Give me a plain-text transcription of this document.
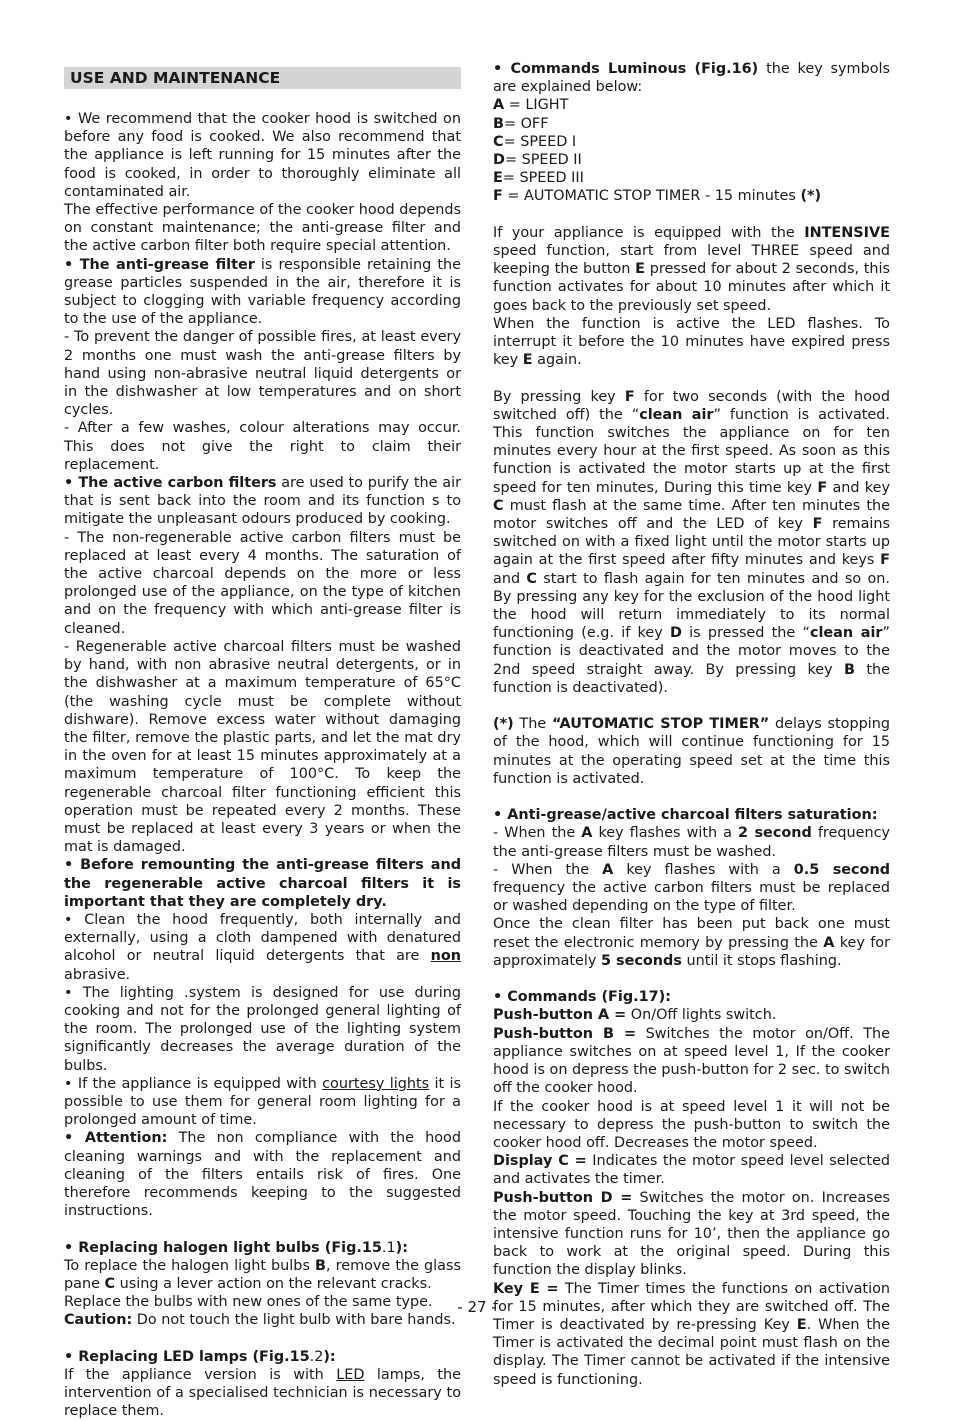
USE AND MAINTENANCE

• We recommend that the cooker hood is switched on before any food is cooked. We also recommend that the appliance is left running for 15 minutes after the food is cooked, in order to thoroughly eliminate all contaminated air.

The effective performance of the cooker hood depends on constant maintenance; the anti-grease filter and the active carbon filter both require special attention.

• The anti-grease filter is responsible retaining the grease particles suspended in the air, therefore it is subject to clogging with variable frequency according to the use of the appliance.

- To prevent the danger of possible fires, at least every 2 months one must wash the anti-grease filters by hand using non-abrasive neutral liquid detergents or in the dishwasher at low temperatures and on short cycles.

- After a few washes, colour alterations may occur. This does not give the right to claim their replacement.

• The active carbon filters are used to purify the air that is sent back into the room and its function s to mitigate the unpleasant odours produced by cooking.

- The non-regenerable active carbon filters must be replaced at least every 4 months. The saturation of the active charcoal depends on the more or less prolonged use of the appliance, on the type of kitchen and on the frequency with which anti-grease filter is cleaned.

- Regenerable active charcoal filters must be washed by hand, with non abrasive neutral detergents, or in the dishwasher at a maximum temperature of 65°C (the washing cycle must be complete without dishware). Remove excess water without damaging the filter, remove the plastic parts, and let the mat dry in the oven for at least 15 minutes approximately at a maximum temperature of 100°C. To keep the regenerable charcoal filter functioning efficient this operation must be repeated every 2 months. These must be replaced at least every 3 years or when the mat is damaged.

• Before remounting the anti-grease filters and the regenerable active charcoal filters it is important that they are completely dry.

• Clean the hood frequently, both internally and externally, using a cloth dampened with denatured alcohol or neutral liquid detergents that are non abrasive.

• The lighting .system is designed for use during cooking and not for the prolonged general lighting of the room. The prolonged use of the lighting system significantly decreases the average duration of the bulbs.

• If the appliance is equipped with courtesy lights it is possible to use them for general room lighting for a prolonged amount of time.

• Attention: The non compliance with the hood cleaning warnings and with the replacement and cleaning of the filters entails risk of fires. One therefore recommends keeping to the suggested instructions.

• Replacing halogen light bulbs (Fig.15.1):

To replace the halogen light bulbs B, remove the glass pane C using a lever action on the relevant cracks.

Replace the bulbs with new ones of the same type.

Caution: Do not touch the light bulb with bare hands.

• Replacing LED lamps (Fig.15.2):

If the appliance version is with LED lamps, the intervention of a specialised technician is necessary to replace them.

• Commands Luminous (Fig.16) the key symbols are explained below:

A = LIGHT

B= OFF

C= SPEED I

D= SPEED II

E= SPEED III

F = AUTOMATIC STOP TIMER - 15 minutes (*)

If your appliance is equipped with the INTENSIVE speed function, start from level THREE speed and keeping the button E pressed for about 2 seconds, this function activates for about 10 minutes after which it goes back to the previously set speed.

When the function is active the LED flashes. To interrupt it before the 10 minutes have expired press key E again.

By pressing key F for two seconds (with the hood switched off) the “clean air” function is activated. This function switches the appliance on for ten minutes every hour at the first speed. As soon as this function is activated the motor starts up at the first speed for ten minutes, During this time key F and key C must flash at the same time. After ten minutes the motor switches off and the LED of key F remains switched on with a fixed light until the motor starts up again at the first speed after fifty minutes and keys F and C start to flash again for ten minutes and so on. By pressing any key for the exclusion of the hood light the hood will return immediately to its normal functioning (e.g. if key D is pressed the “clean air” function is deactivated and the motor moves to the 2nd speed straight away. By pressing key B the function is deactivated).

(*) The “AUTOMATIC STOP TIMER” delays stopping of the hood, which will continue functioning for 15 minutes at the operating speed set at the time this function is activated.

• Anti-grease/active charcoal filters saturation:

- When the A key flashes with a 2 second frequency the anti-grease filters must be washed.

- When the A key flashes with a 0.5 second frequency the active carbon filters must be replaced or washed depending on the type of filter.

Once the clean filter has been put back one must reset the electronic memory by pressing the A key for approximately 5 seconds until it stops flashing.

• Commands (Fig.17):

Push-button A = On/Off lights switch.

Push-button B = Switches the motor on/Off. The appliance switches on at speed level 1, If the cooker hood is on depress the push-button for 2 sec. to switch off the cooker hood.

If the cooker hood is at speed level 1 it will not be necessary to depress the push-button to switch the cooker hood off. Decreases the motor speed.

Display C = Indicates the motor speed level selected and activates the timer.

Push-button D = Switches the motor on. Increases the motor speed. Touching the key at 3rd speed, the intensive function runs for 10’, then the appliance go back to work at the original speed. During this function the display blinks.

Key E = The Timer times the functions on activation for 15 minutes, after which they are switched off. The Timer is deactivated by re-pressing Key E. When the Timer is activated the decimal point must flash on the display. The Timer cannot be activated if the intensive speed is functioning.

- 27 -
